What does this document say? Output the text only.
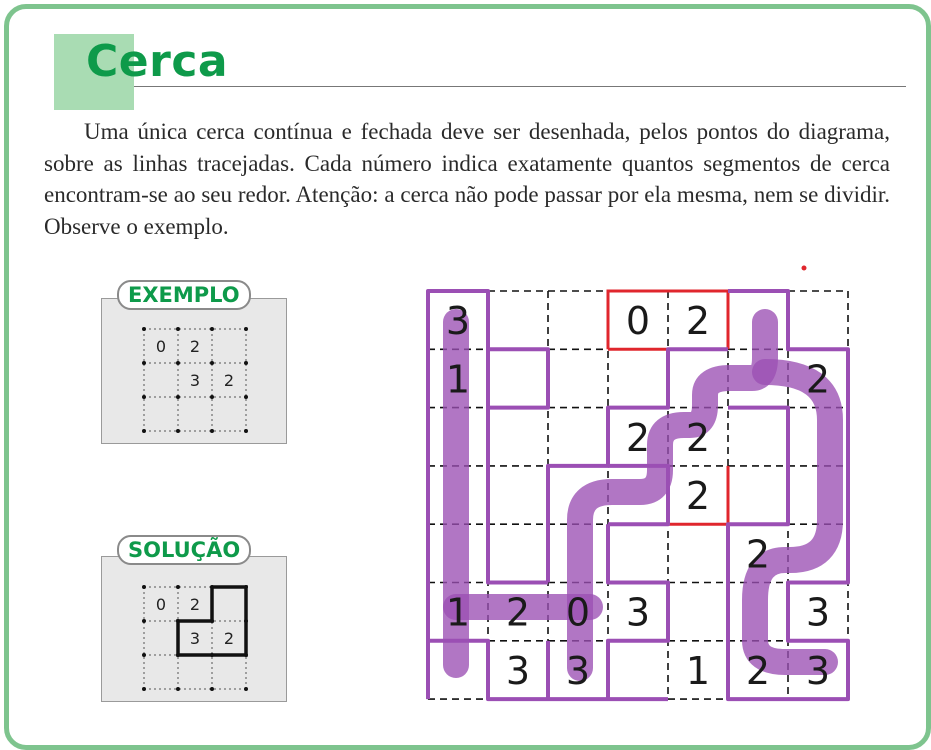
Cerca

Uma única cerca contínua e fechada deve ser desenhada, pelos pontos do diagrama, sobre as linhas tracejadas. Cada número indica exatamente quantos segmentos de cerca encontram-se ao seu redor. Atenção: a cerca não pode passar por ela mesma, nem se dividir. Observe o exemplo.

0 2
3 2
EXEMPLO
0 2
3 2
SOLUÇÃO
3	0 2
1	2
2 2
2
2
1 2 0 3	3
3 3	1 2 3
